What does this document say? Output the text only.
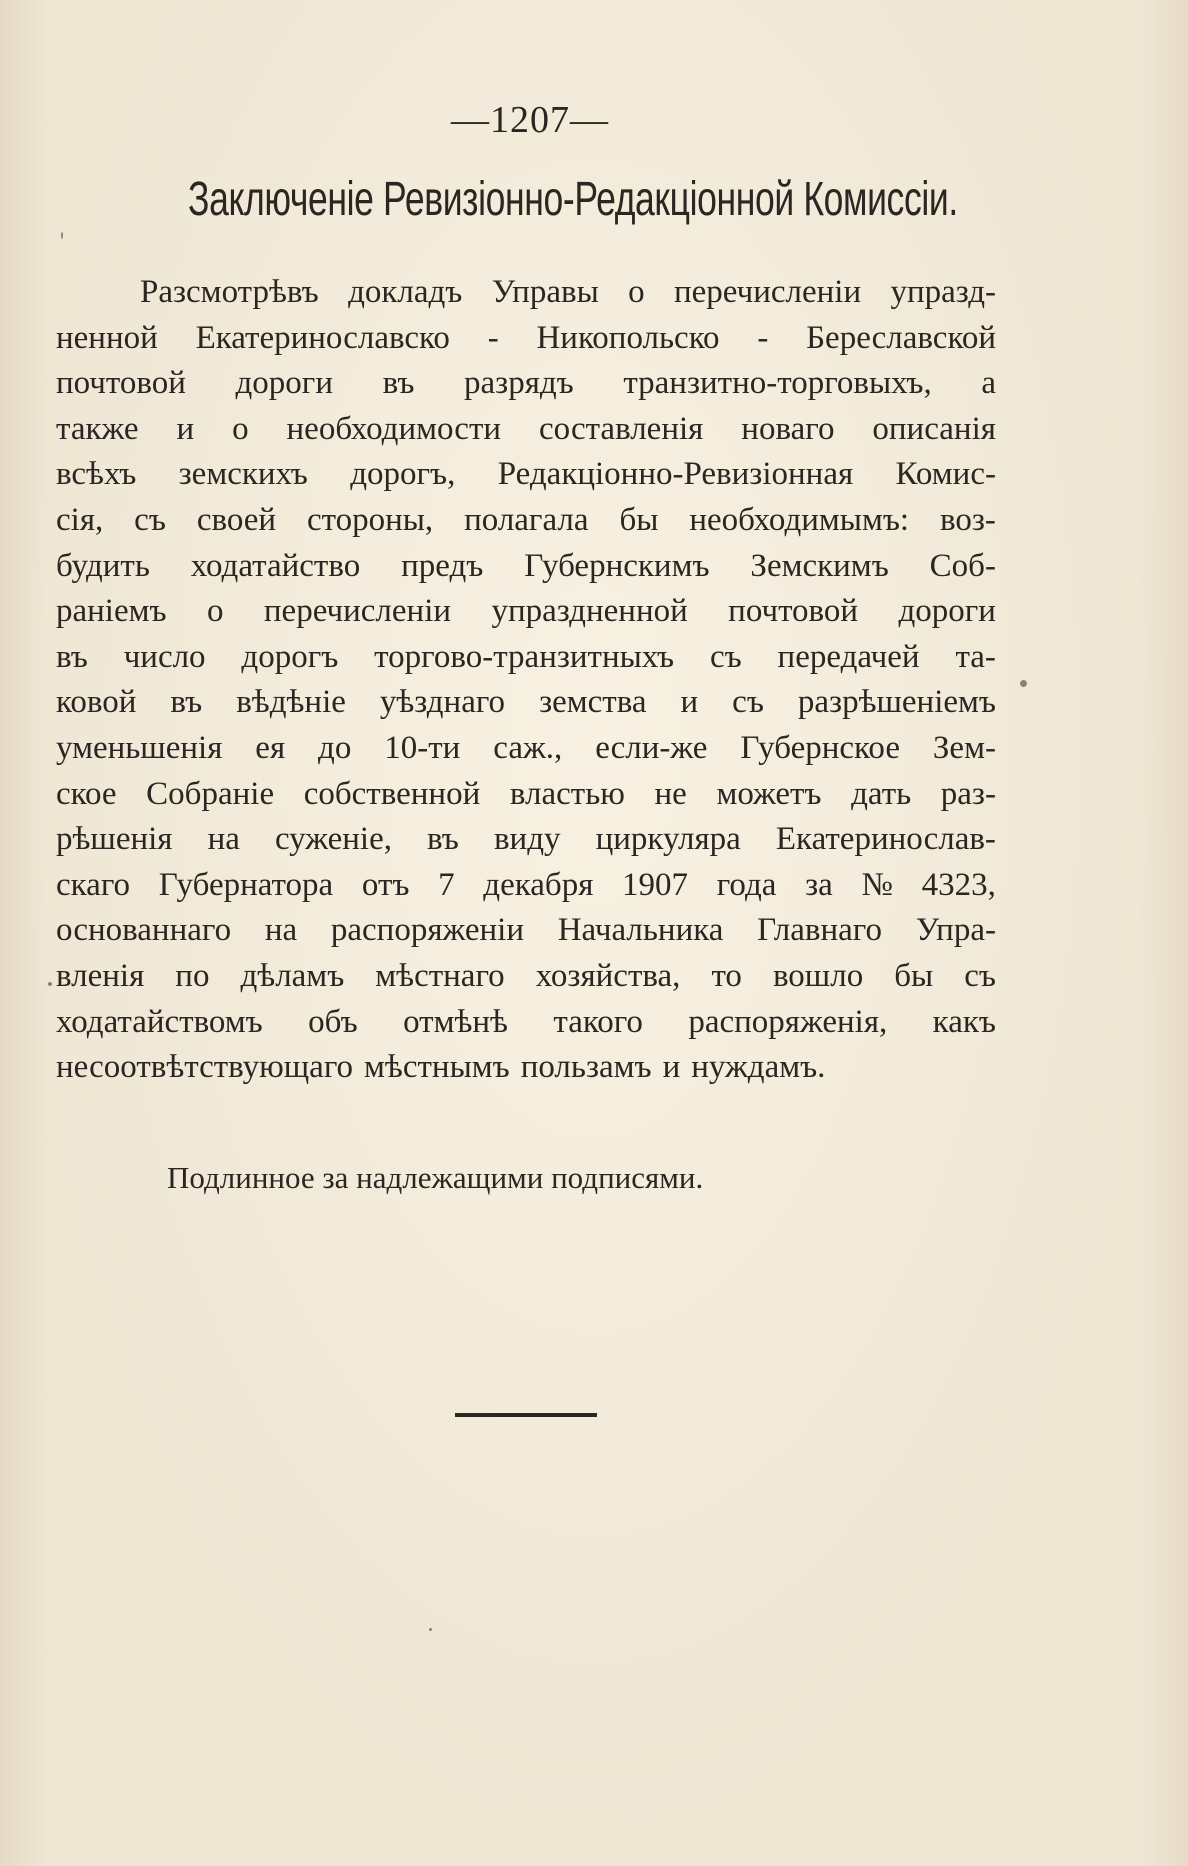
—1207—
Заключеніе Ревизіонно-Редакціонной Комиссіи.
Разсмотрѣвъ докладъ Управы о перечисленіи упразд-
ненной Екатеринославско - Никопольско - Береславской
почтовой дороги въ разрядъ транзитно-торговыхъ, а
также и о необходимости составленія новаго описанія
всѣхъ земскихъ дорогъ, Редакціонно-Ревизіонная Комис-
сія, съ своей стороны, полагала бы необходимымъ: воз-
будить ходатайство предъ Губернскимъ Земскимъ Соб-
раніемъ о перечисленіи упраздненной почтовой дороги
въ число дорогъ торгово-транзитныхъ съ передачей та-
ковой въ вѣдѣніе уѣзднаго земства и съ разрѣшеніемъ
уменьшенія ея до 10-ти саж., если-же Губернское Зем-
ское Собраніе собственной властью не можетъ дать раз-
рѣшенія на суженіе, въ виду циркуляра Екатеринослав-
скаго Губернатора отъ 7 декабря 1907 года за № 4323,
основаннаго на распоряженіи Начальника Главнаго Упра-
вленія по дѣламъ мѣстнаго хозяйства, то вошло бы съ
ходатайствомъ объ отмѣнѣ такого распоряженія, какъ
несоотвѣтствующаго мѣстнымъ пользамъ и нуждамъ.
Подлинное за надлежащими подписями.
